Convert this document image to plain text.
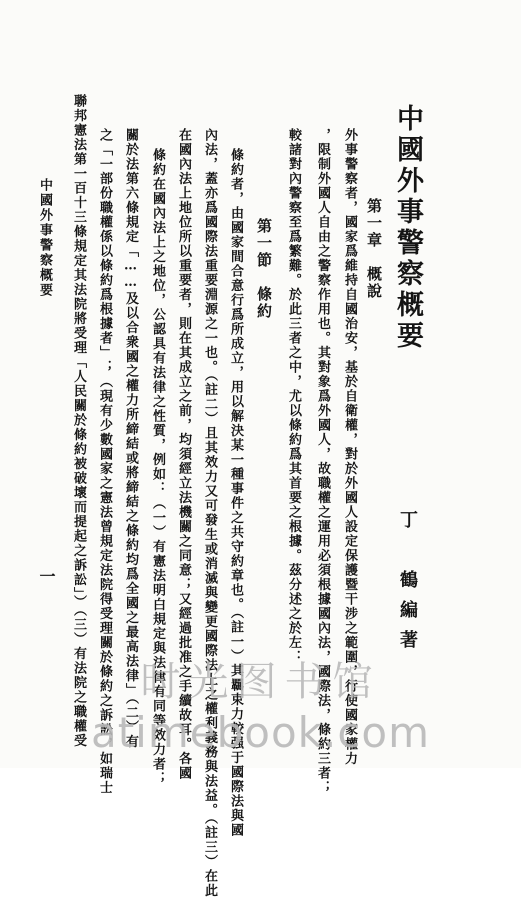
中國外事警察概要
丁　鶴編著
第一章　概說
外事警察者，國家爲維持自國治安，基於自衛權，對於外國人設定保護暨干涉之範圍，行使國家權力
，限制外國人自由之警察作用也。其對象爲外國人，故職權之運用必須根據國內法，國際法，條約三者；
較諸對內警察至爲繁難。於此三者之中，尤以條約爲其首要之根據。茲分述之於左：
第一節　條約
條約者，由國家間合意行爲所成立，用以解決某一種事件之共守約章也。（註一）其羈束力較强于國際法與國
內法，蓋亦爲國際法重要淵源之一也。（註二）且其效力又可發生或消滅與變更國際法上之權利義務與法益。（註三）在此
在國內法上地位所以重要者，則在其成立之前，均須經立法機關之同意；又經過批准之手續故耳。各國
條約在國內法上之地位，公認具有法律之性質，例如：（一）有憲法明白規定與法律有同等效力者；
關於法第六條規定「……及以合衆國之權力所締結或將締結之條約均爲全國之最高法律」（二）有
之「一部份職權係以條約爲根據者」；（現有少數國家之憲法曾規定法院得受理關於條約之訴訟，如瑞士
聯邦憲法第一百十三條規定其法院將受理「人民關於條約被破壞而提起之訴訟」）（三）有法院之職權受
中國外事警察概要
一
时光图书馆
atimebook.com
